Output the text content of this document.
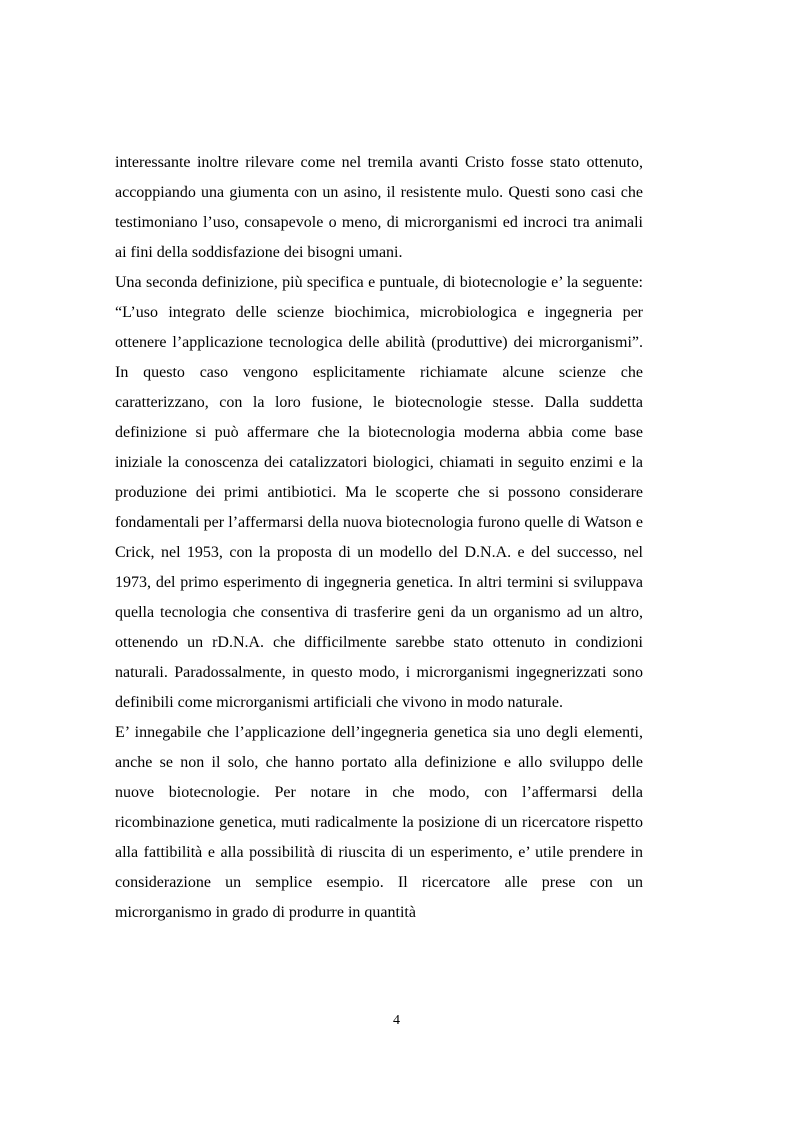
interessante inoltre rilevare come nel tremila avanti Cristo fosse stato ottenuto, accoppiando una giumenta con un asino, il resistente mulo. Questi sono casi che testimoniano l’uso, consapevole o meno, di microrganismi ed incroci tra animali ai fini della soddisfazione dei bisogni umani.

Una seconda definizione, più specifica e puntuale, di biotecnologie e’ la seguente: “L’uso integrato delle scienze biochimica, microbiologica e ingegneria per ottenere l’applicazione tecnologica delle abilità (produttive) dei microrganismi”. In questo caso vengono esplicitamente richiamate alcune scienze che caratterizzano, con la loro fusione, le biotecnologie stesse. Dalla suddetta definizione si può affermare che la biotecnologia moderna abbia come base iniziale la conoscenza dei catalizzatori biologici, chiamati in seguito enzimi e la produzione dei primi antibiotici. Ma le scoperte che si possono considerare fondamentali per l’affermarsi della nuova biotecnologia furono quelle di Watson e Crick, nel 1953, con la proposta di un modello del D.N.A. e del successo, nel 1973, del primo esperimento di ingegneria genetica. In altri termini si sviluppava quella tecnologia che consentiva di trasferire geni da un organismo ad un altro, ottenendo un rD.N.A. che difficilmente sarebbe stato ottenuto in condizioni naturali. Paradossalmente, in questo modo, i microrganismi ingegnerizzati sono definibili come microrganismi artificiali che vivono in modo naturale.

E’ innegabile che l’applicazione dell’ingegneria genetica sia uno degli elementi, anche se non il solo, che hanno portato alla definizione e allo sviluppo delle nuove biotecnologie. Per notare in che modo, con l’affermarsi della ricombinazione genetica, muti radicalmente la posizione di un ricercatore rispetto alla fattibilità e alla possibilità di riuscita di un esperimento, e’ utile prendere in considerazione un semplice esempio. Il ricercatore alle prese con un microrganismo in grado di produrre in quantità

4
